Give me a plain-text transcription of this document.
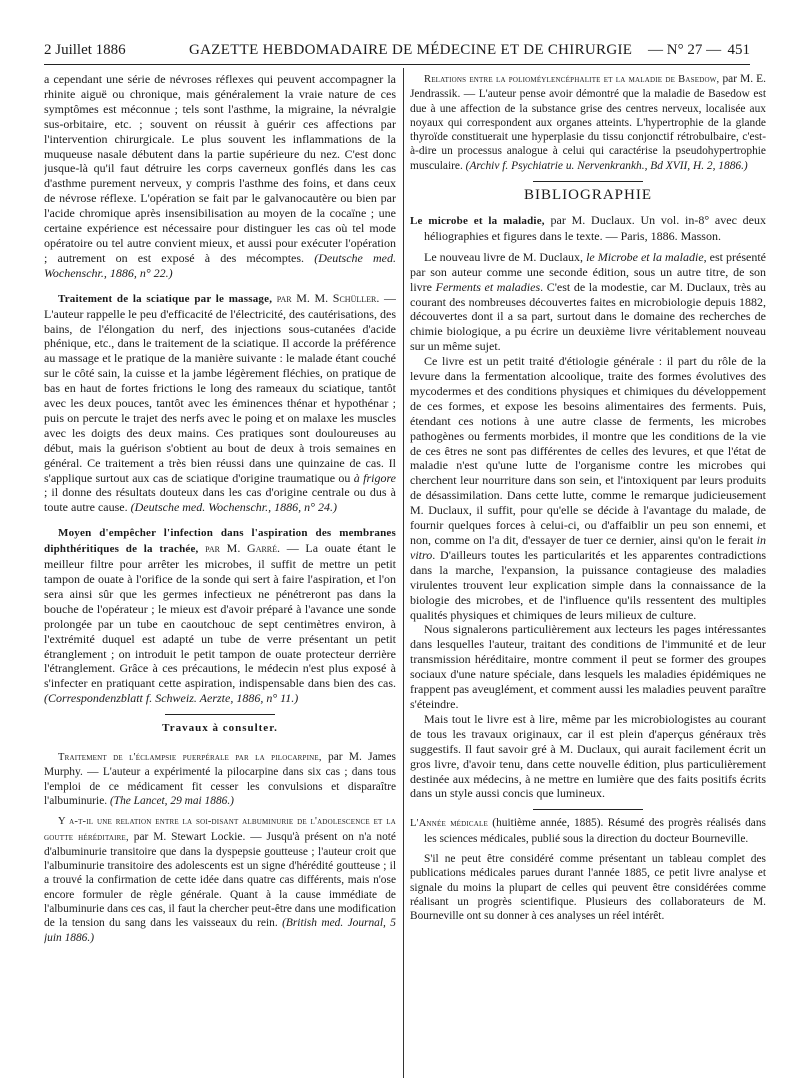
2 Juillet 1886	GAZETTE HEBDOMADAIRE DE MÉDECINE ET DE CHIRURGIE — N° 27 — 451

a cependant une série de névroses réflexes qui peuvent accompagner la rhinite aiguë ou chronique, mais généralement la vraie nature de ces symptômes est méconnue ; tels sont l'asthme, la migraine, la névralgie sus-orbitaire, etc. ; souvent on réussit à guérir ces affections par l'intervention chirurgicale. Le plus souvent les inflammations de la muqueuse nasale débutent dans la partie supérieure du nez. C'est donc jusque-là qu'il faut détruire les corps caverneux gonflés dans les cas d'asthme purement nerveux, y compris l'asthme des foins, et dans ceux de névrose réflexe. L'opération se fait par le galvanocautère ou bien par l'acide chromique après insensibilisation au moyen de la cocaïne ; une certaine expérience est nécessaire pour distinguer les cas où tel mode opératoire ou tel autre convient mieux, et aussi pour exécuter l'opération ; autrement on est exposé à des mécomptes. (Deutsche med. Wochenschr., 1886, n° 22.)

Traitement de la sciatique par le massage, par M. M. Schüller. — L'auteur rappelle le peu d'efficacité de l'électricité, des cautérisations, des bains, de l'élongation du nerf, des injections sous-cutanées d'acide phénique, etc., dans le traitement de la sciatique. Il accorde la préférence au massage et le pratique de la manière suivante : le malade étant couché sur le côté sain, la cuisse et la jambe légèrement fléchies, on pratique de bas en haut de fortes frictions le long des rameaux du sciatique, tantôt avec les deux pouces, tantôt avec les éminences thénar et hypothénar ; puis on percute le trajet des nerfs avec le poing et on malaxe les muscles avec les doigts des deux mains. Ces pratiques sont douloureuses au début, mais la guérison s'obtient au bout de deux à trois semaines en général. Ce traitement a très bien réussi dans une quinzaine de cas. Il s'applique surtout aux cas de sciatique d'origine traumatique ou à frigore ; il donne des résultats douteux dans les cas d'origine centrale ou dus à toute autre cause. (Deutsche med. Wochenschr., 1886, n° 24.)

Moyen d'empêcher l'infection dans l'aspiration des membranes diphthéritiques de la trachée, par M. Garré. — La ouate étant le meilleur filtre pour arrêter les microbes, il suffit de mettre un petit tampon de ouate à l'orifice de la sonde qui sert à faire l'aspiration, et l'on sera ainsi sûr que les germes infectieux ne pénétreront pas dans la bouche de l'opérateur ; le mieux est d'avoir préparé à l'avance une sonde prolongée par un tube en caoutchouc de sept centimètres environ, à l'extrémité duquel est adapté un tube de verre présentant un petit étranglement ; on introduit le petit tampon de ouate protecteur derrière l'étranglement. Grâce à ces précautions, le médecin n'est plus exposé à s'infecter en pratiquant cette aspiration, indispensable dans bien des cas. (Correspondenzblatt f. Schweiz. Aerzte, 1886, n° 11.)

Travaux à consulter.

Traitement de l'éclampsie puerpérale par la pilocarpine, par M. James Murphy. — L'auteur a expérimenté la pilocarpine dans six cas ; dans tous l'emploi de ce médicament fit cesser les convulsions et disparaître l'albuminurie. (The Lancet, 29 mai 1886.)

Y a-t-il une relation entre la soi-disant albuminurie de l'adolescence et la goutte héréditaire, par M. Stewart Lockie. — Jusqu'à présent on n'a noté d'albuminurie transitoire que dans la dyspepsie goutteuse ; l'auteur croit que l'albuminurie transitoire des adolescents est un signe d'hérédité goutteuse ; il a trouvé la confirmation de cette idée dans quatre cas différents, mais n'ose encore formuler de règle générale. Quant à la cause immédiate de l'albuminurie dans ces cas, il faut la chercher peut-être dans une modification de la tension du sang dans les vaisseaux du rein. (British med. Journal, 5 juin 1886.)

Relations entre la polioméylencéphalite et la maladie de Basedow, par M. E. Jendrassik. — L'auteur pense avoir démontré que la maladie de Basedow est due à une affection de la substance grise des centres nerveux, localisée aux noyaux qui correspondent aux organes atteints. L'hypertrophie de la glande thyroïde constituerait une hyperplasie du tissu conjonctif rétrobulbaire, c'est-à-dire un processus analogue à celui qui caractérise la pseudohypertrophie musculaire. (Archiv f. Psychiatrie u. Nervenkrankh., Bd XVII, H. 2, 1886.)

BIBLIOGRAPHIE

Le microbe et la maladie, par M. Duclaux. Un vol. in-8° avec deux héliographies et figures dans le texte. — Paris, 1886. Masson.

Le nouveau livre de M. Duclaux, le Microbe et la maladie, est présenté par son auteur comme une seconde édition, sous un autre titre, de son livre Ferments et maladies. C'est de la modestie, car M. Duclaux, très au courant des nombreuses découvertes faites en microbiologie depuis 1882, découvertes dont il a sa part, surtout dans le domaine des recherches de chimie biologique, a pu écrire un deuxième livre véritablement nouveau sur un même sujet.

Ce livre est un petit traité d'étiologie générale : il part du rôle de la levure dans la fermentation alcoolique, traite des formes évolutives des mycodermes et des conditions physiques et chimiques du développement de ces formes, et expose les besoins alimentaires des ferments. Puis, étendant ces notions à une autre classe de ferments, les microbes pathogènes ou ferments morbides, il montre que les conditions de la vie de ces êtres ne sont pas différentes de celles des levures, et que l'état de maladie n'est qu'une lutte de l'organisme contre les microbes qui cherchent leur nourriture dans son sein, et l'intoxiquent par leurs produits de désassimilation. Dans cette lutte, comme le remarque judicieusement M. Duclaux, il suffit, pour qu'elle se décide à l'avantage du malade, de fournir quelques forces à celui-ci, ou d'affaiblir un peu son ennemi, et non, comme on l'a dit, d'essayer de tuer ce dernier, ainsi qu'on le ferait in vitro. D'ailleurs toutes les particularités et les apparentes contradictions dans la marche, l'expansion, la puissance contagieuse des maladies virulentes trouvent leur explication simple dans la connaissance de la biologie des microbes, et de l'influence qu'ils ressentent des multiples qualités physiques et chimiques de leurs milieux de culture.

Nous signalerons particulièrement aux lecteurs les pages intéressantes dans lesquelles l'auteur, traitant des conditions de l'immunité et de leur transmission héréditaire, montre comment il peut se former des groupes sociaux d'une nature spéciale, dans lesquels les maladies épidémiques ne frappent pas aveuglément, et comment aussi les maladies peuvent paraître s'éteindre.

Mais tout le livre est à lire, même par les microbiologistes au courant de tous les travaux originaux, car il est plein d'aperçus généraux très suggestifs. Il faut savoir gré à M. Duclaux, qui aurait facilement écrit un gros livre, d'avoir tenu, dans cette nouvelle édition, plus particulièrement destinée aux médecins, à ne mettre en lumière que des faits positifs écrits dans un style aussi concis que lumineux.

L'Année médicale (huitième année, 1885). Résumé des progrès réalisés dans les sciences médicales, publié sous la direction du docteur Bourneville.

S'il ne peut être considéré comme présentant un tableau complet des publications médicales parues durant l'année 1885, ce petit livre analyse et signale du moins la plupart de celles qui peuvent être considérées comme réalisant un progrès scientifique. Plusieurs des collaborateurs de M. Bourneville ont su donner à ces analyses un réel intérêt.
